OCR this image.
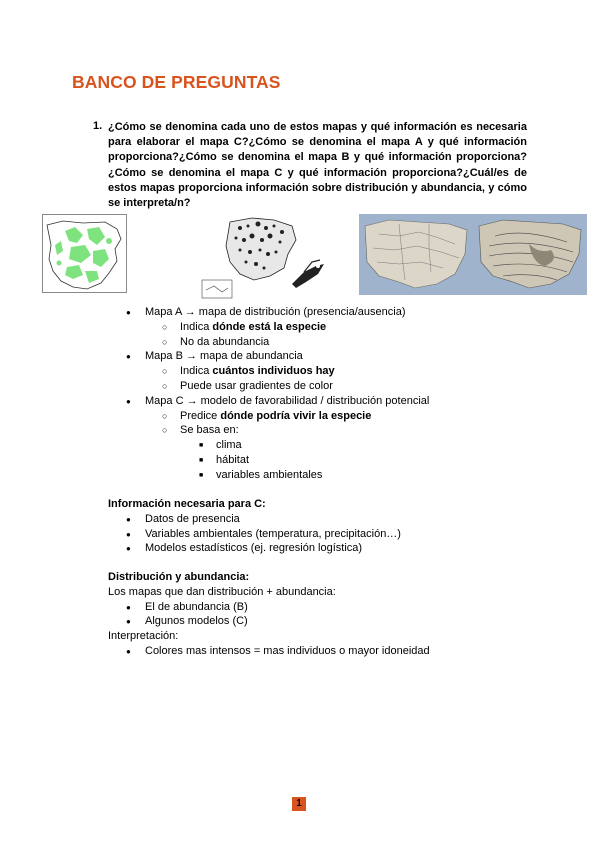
BANCO DE PREGUNTAS
1. ¿Cómo se denomina cada uno de estos mapas y qué información es necesaria para elaborar el mapa C?¿Cómo se denomina el mapa A y qué información proporciona?¿Cómo se denomina el mapa B y qué información proporciona?¿Cómo se denomina el mapa C y qué información proporciona?¿Cuál/es de estos mapas proporciona información sobre distribución y abundancia, y cómo se interpreta/n?
● Mapa A → mapa de distribución (presencia/ausencia)
○ Indica dónde está la especie
○ No da abundancia
● Mapa B → mapa de abundancia
○ Indica cuántos individuos hay
○ Puede usar gradientes de color
● Mapa C → modelo de favorabilidad / distribución potencial
○ Predice dónde podría vivir la especie
○ Se basa en:
■ clima
■ hábitat
■ variables ambientales
Información necesaria para C:
● Datos de presencia
● Variables ambientales (temperatura, precipitación…)
● Modelos estadísticos (ej. regresión logística)
Distribución y abundancia:
Los mapas que dan distribución + abundancia:
● El de abundancia (B)
● Algunos modelos (C)
Interpretación:
● Colores mas intensos = mas individuos o mayor idoneidad
1
